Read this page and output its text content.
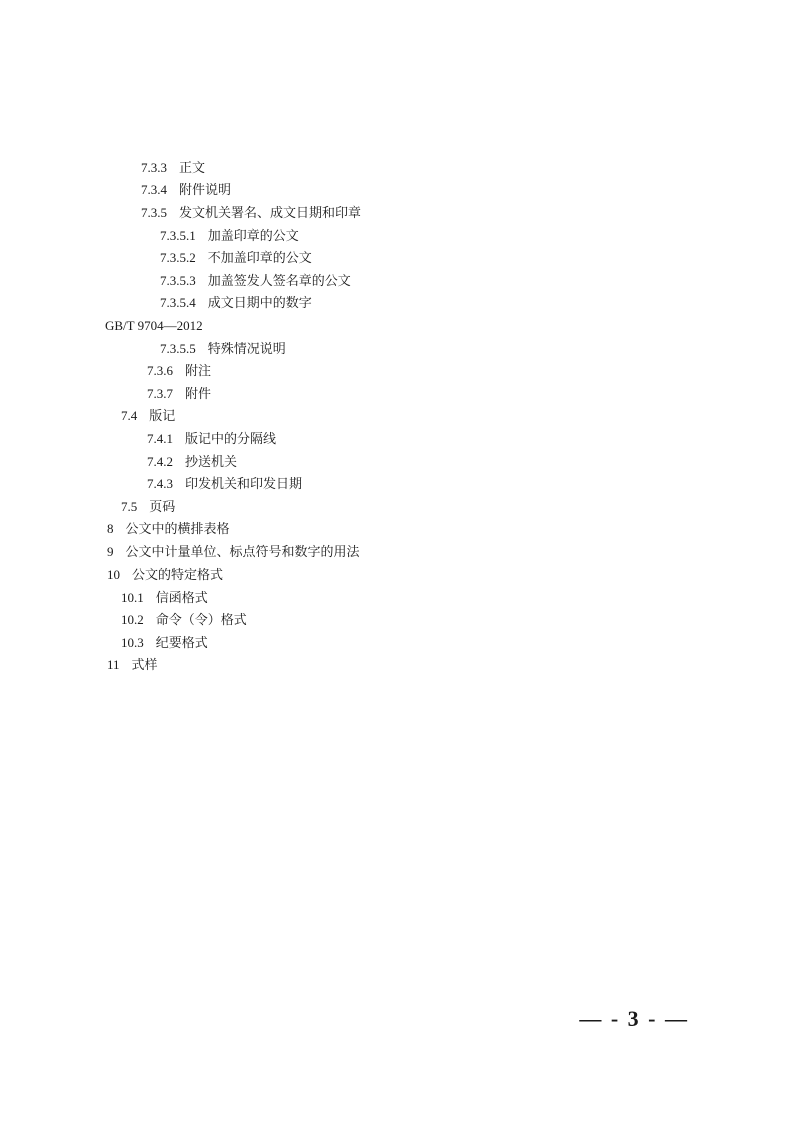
7.3.3 正文
7.3.4 附件说明
7.3.5 发文机关署名、成文日期和印章
7.3.5.1 加盖印章的公文
7.3.5.2 不加盖印章的公文
7.3.5.3 加盖签发人签名章的公文
7.3.5.4 成文日期中的数字
GB/T 9704—2012
7.3.5.5 特殊情况说明
7.3.6 附注
7.3.7 附件
7.4 版记
7.4.1 版记中的分隔线
7.4.2 抄送机关
7.4.3 印发机关和印发日期
7.5 页码
8 公文中的横排表格
9 公文中计量单位、标点符号和数字的用法
10 公文的特定格式
10.1 信函格式
10.2 命令（令）格式
10.3 纪要格式
11 式样
— - 3 - —
